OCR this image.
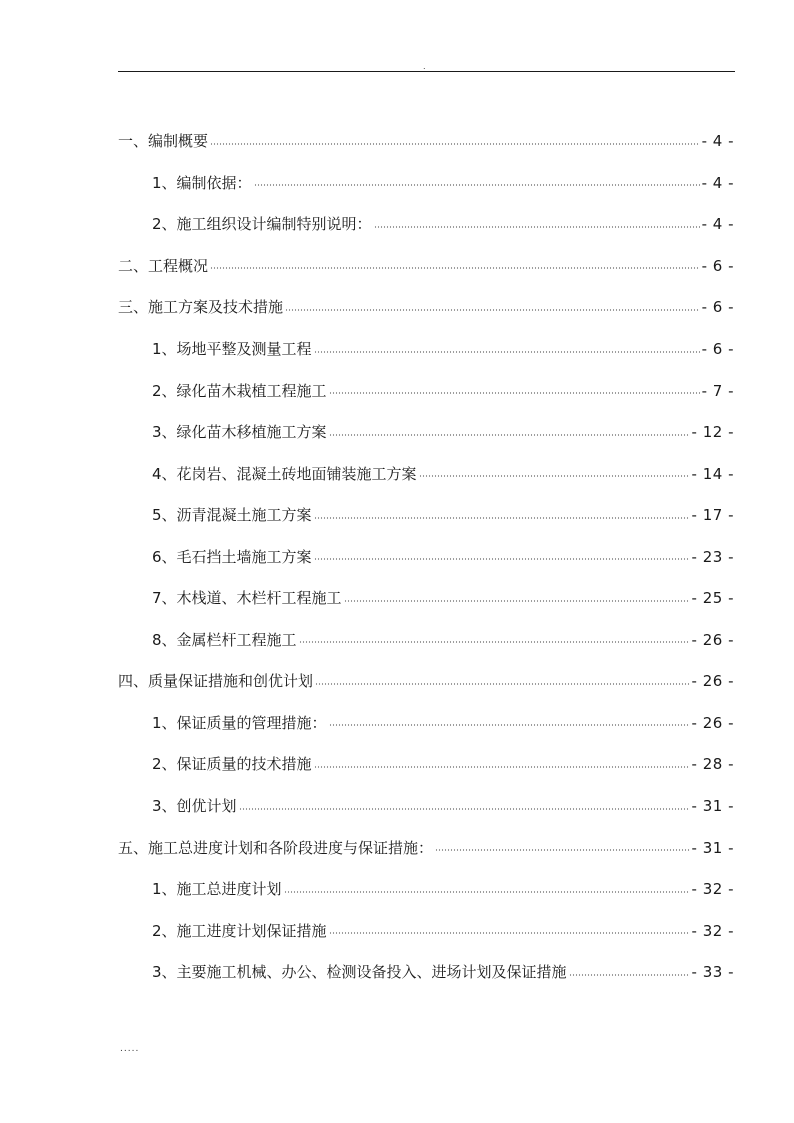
.
一、编制概要	- 4 -
1、编制依据：	- 4 -
2、施工组织设计编制特别说明：	- 4 -
二、工程概况	- 6 -
三、施工方案及技术措施	- 6 -
1、场地平整及测量工程	- 6 -
2、绿化苗木栽植工程施工	- 7 -
3、绿化苗木移植施工方案	- 12 -
4、花岗岩、混凝土砖地面铺装施工方案	- 14 -
5、沥青混凝土施工方案	- 17 -
6、毛石挡土墙施工方案	- 23 -
7、木栈道、木栏杆工程施工	- 25 -
8、金属栏杆工程施工	- 26 -
四、质量保证措施和创优计划	- 26 -
1、保证质量的管理措施：	- 26 -
2、保证质量的技术措施	- 28 -
3、创优计划	- 31 -
五、施工总进度计划和各阶段进度与保证措施：	- 31 -
1、施工总进度计划	- 32 -
2、施工进度计划保证措施	- 32 -
3、主要施工机械、办公、检测设备投入、进场计划及保证措施	- 33 -
.....
